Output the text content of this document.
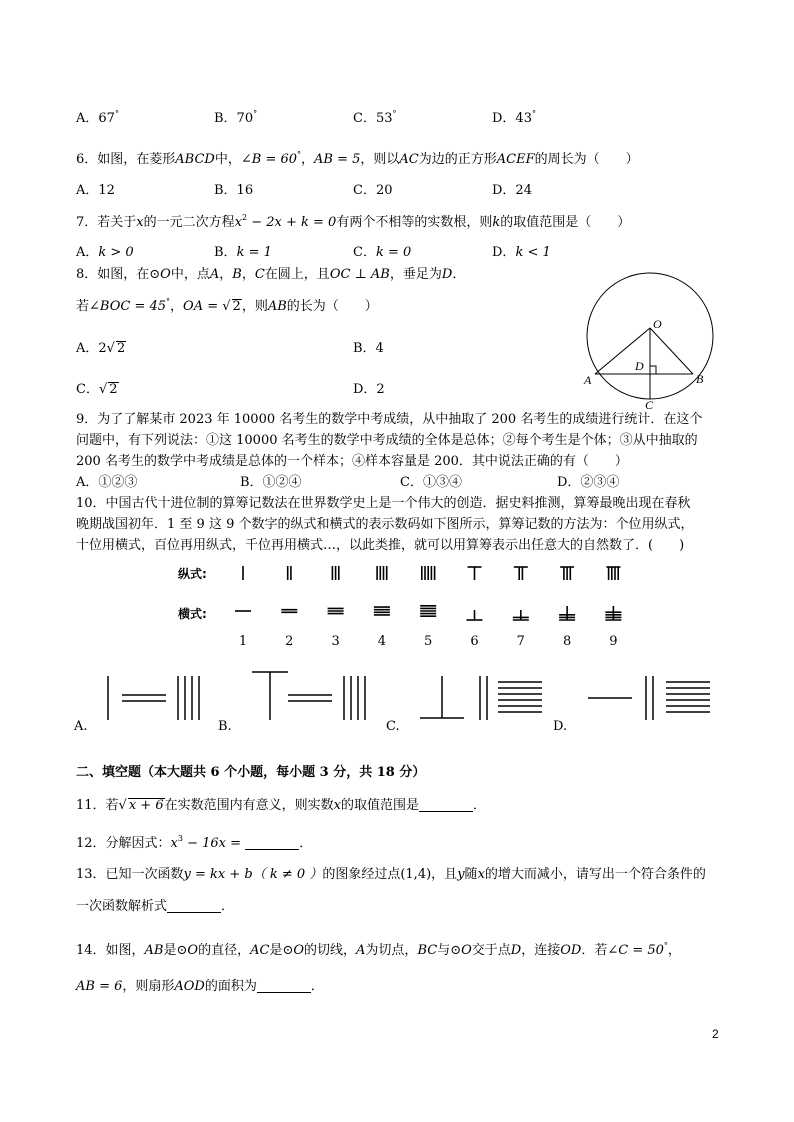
A．67°	B．70°	C．53°	D．43°
6．如图，在菱形ABCD中，∠B = 60°，AB = 5，则以AC为边的正方形ACEF的周长为（　　）
A．12	B．16	C．20	D．24
7．若关于x的一元二次方程$x^2 - 2x + k = 0$有两个不相等的实数根，则k的取值范围是（　　）
A．k > 0	B．k = 1	C．k = 0	D．k < 1
8．如图，在⊙O中，点A，B，C在圆上，且OC ⊥ AB，垂足为D．
若∠BOC = 45°，OA = √ 2，则AB的长为（　　）
A．2√ 2	B．4
C．√ 2	D．2
O
A	B
C
D
9．为了了解某市 2023 年 10000 名考生的数学中考成绩，从中抽取了 200 名考生的成绩进行统计．在这个
问题中，有下列说法：①这 10000 名考生的数学中考成绩的全体是总体；②每个考生是个体；③从中抽取的
200 名考生的数学中考成绩是总体的一个样本；④样本容量是 200．其中说法正确的有（　　）
A．①②③	B．①②④	C．①③④	D．②③④
10．中国古代十进位制的算筹记数法在世界数学史上是一个伟大的创造．据史料推测，算筹最晚出现在春秋
晚期战国初年．1 至 9 这 9 个数字的纵式和横式的表示数码如下图所示，算筹记数的方法为：个位用纵式，
十位用横式，百位再用纵式，千位再用横式…，以此类推，就可以用算筹表示出任意大的自然数了．(　　)
纵式:
横式:
1	2	3	4	5	6	7	8	9
A.	B.	C.	D.
二、填空题（本大题共 6 个小题，每小题 3 分，共 18 分）
11．若√ x + 6在实数范围内有意义，则实数x的取值范围是	．
12．分解因式：$x^3 - 16x$ =	．
13．已知一次函数y = kx + b（ k ≠ 0 ）的图象经过点(1,4)，且y随x的增大而减小，请写出一个符合条件的
一次函数解析式	．
14．如图，AB是⊙O的直径，AC是⊙O的切线，A为切点，BC与⊙O交于点D，连接OD．若∠C = 50°，
AB = 6，则扇形AOD的面积为	．
2
